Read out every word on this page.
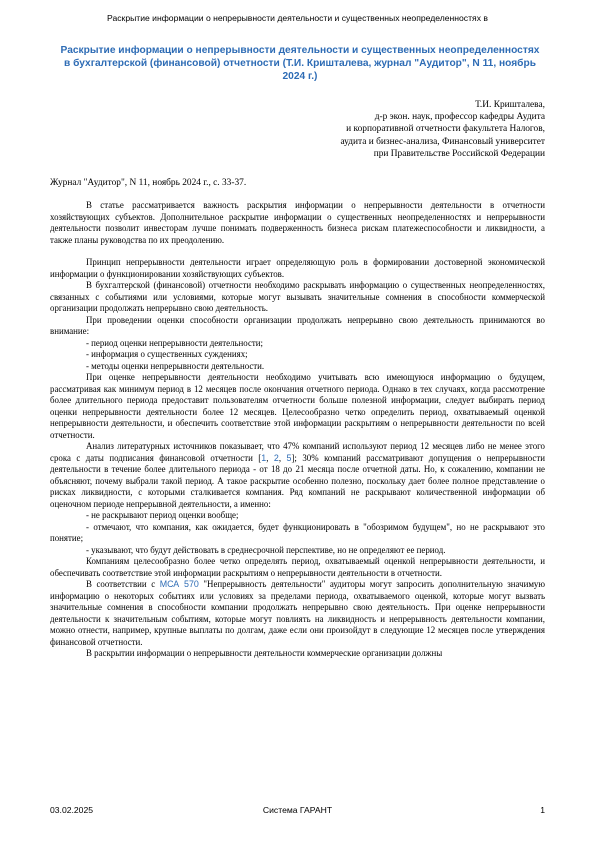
Раскрытие информации о непрерывности деятельности и существенных неопределенностях в
Раскрытие информации о непрерывности деятельности и существенных неопределенностях в бухгалтерской (финансовой) отчетности (Т.И. Кришталева, журнал "Аудитор", N 11, ноябрь 2024 г.)
Т.И. Кришталева,
д-р экон. наук, профессор кафедры Аудита
и корпоративной отчетности факультета Налогов,
аудита и бизнес-анализа, Финансовый университет
при Правительстве Российской Федерации
Журнал "Аудитор", N 11, ноябрь 2024 г., с. 33-37.

В статье рассматривается важность раскрытия информации о непрерывности деятельности в отчетности хозяйствующих субъектов. Дополнительное раскрытие информации о существенных неопределенностях и непрерывности деятельности позволит инвесторам лучше понимать подверженность бизнеса рискам платежеспособности и ликвидности, а также планы руководства по их преодолению.

Принцип непрерывности деятельности играет определяющую роль в формировании достоверной экономической информации о функционировании хозяйствующих субъектов.

В бухгалтерской (финансовой) отчетности необходимо раскрывать информацию о существенных неопределенностях, связанных с событиями или условиями, которые могут вызывать значительные сомнения в способности коммерческой организации продолжать непрерывно свою деятельность.

При проведении оценки способности организации продолжать непрерывно свою деятельность принимаются во внимание:

- период оценки непрерывности деятельности;
- информация о существенных суждениях;
- методы оценки непрерывности деятельности.

При оценке непрерывности деятельности необходимо учитывать всю имеющуюся информацию о будущем, рассматривая как минимум период в 12 месяцев после окончания отчетного периода. Однако в тех случаях, когда рассмотрение более длительного периода предоставит пользователям отчетности больше полезной информации, следует выбирать период оценки непрерывности деятельности более 12 месяцев. Целесообразно четко определить период, охватываемый оценкой непрерывности деятельности, и обеспечить соответствие этой информации раскрытиям о непрерывности деятельности по всей отчетности.

Анализ литературных источников показывает, что 47% компаний используют период 12 месяцев либо не менее этого срока с даты подписания финансовой отчетности [1, 2, 5]; 30% компаний рассматривают допущения о непрерывности деятельности в течение более длительного периода - от 18 до 21 месяца после отчетной даты. Но, к сожалению, компании не объясняют, почему выбрали такой период. А такое раскрытие особенно полезно, поскольку дает более полное представление о рисках ликвидности, с которыми сталкивается компания. Ряд компаний не раскрывают количественной информации об оценочном периоде непрерывной деятельности, а именно:

- не раскрывают период оценки вообще;
- отмечают, что компания, как ожидается, будет функционировать в "обозримом будущем", но не раскрывают это понятие;
- указывают, что будут действовать в среднесрочной перспективе, но не определяют ее период.

Компаниям целесообразно более четко определять период, охватываемый оценкой непрерывности деятельности, и обеспечивать соответствие этой информации раскрытиям о непрерывности деятельности в отчетности.

В соответствии с МСА 570 "Непрерывность деятельности" аудиторы могут запросить дополнительную значимую информацию о некоторых событиях или условиях за пределами периода, охватываемого оценкой, которые могут вызвать значительные сомнения в способности компании продолжать непрерывно свою деятельность. При оценке непрерывности деятельности к значительным событиям, которые могут повлиять на ликвидность и непрерывность деятельности компании, можно отнести, например, крупные выплаты по долгам, даже если они произойдут в следующие 12 месяцев после утверждения финансовой отчетности.

В раскрытии информации о непрерывности деятельности коммерческие организации должны

03.02.2025	Система ГАРАНТ	1
